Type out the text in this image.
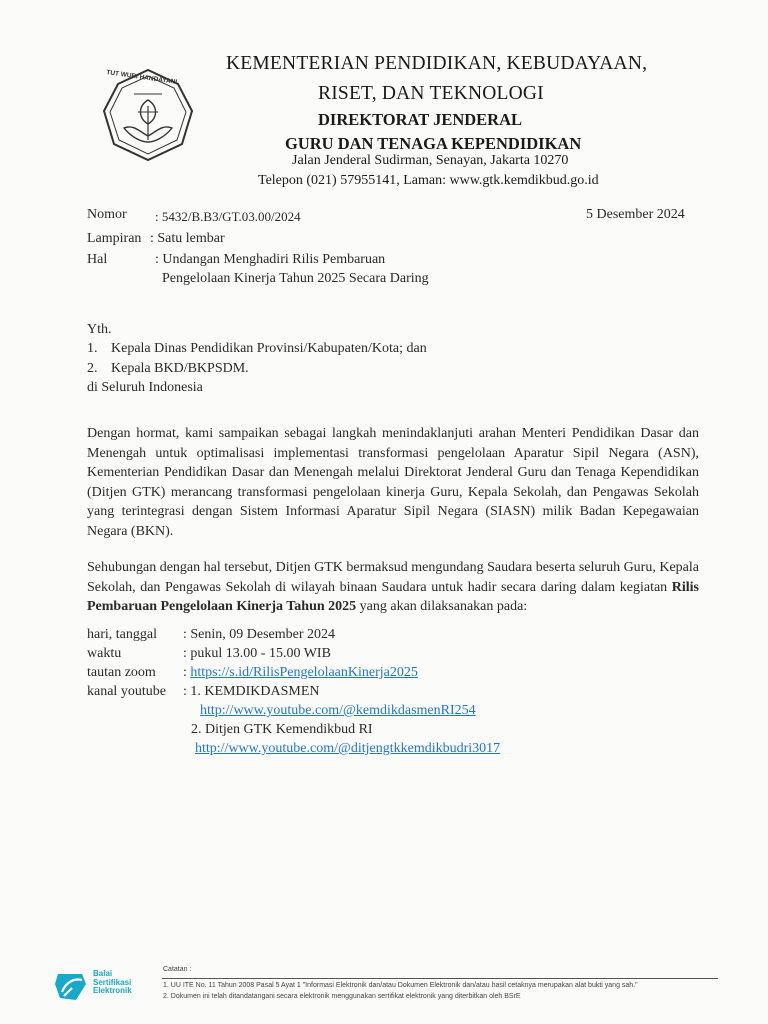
TUT WURI HANDAYANI
KEMENTERIAN PENDIDIKAN, KEBUDAYAAN,
RISET, DAN TEKNOLOGI
DIREKTORAT JENDERAL
GURU DAN TENAGA KEPENDIDIKAN
Jalan Jenderal Sudirman, Senayan, Jakarta 10270
Telepon (021) 57955141, Laman: www.gtk.kemdikbud.go.id
Nomor : 5432/B.B3/GT.03.00/2024	5 Desember 2024
Lampiran : Satu lembar
Hal	: Undangan Menghadiri Rilis Pembaruan
Pengelolaan Kinerja Tahun 2025 Secara Daring
Yth.
1. Kepala Dinas Pendidikan Provinsi/Kabupaten/Kota; dan
2. Kepala BKD/BKPSDM.
di Seluruh Indonesia
Dengan hormat, kami sampaikan sebagai langkah menindaklanjuti arahan Menteri Pendidikan Dasar dan Menengah untuk optimalisasi implementasi transformasi pengelolaan Aparatur Sipil Negara (ASN), Kementerian Pendidikan Dasar dan Menengah melalui Direktorat Jenderal Guru dan Tenaga Kependidikan (Ditjen GTK) merancang transformasi pengelolaan kinerja Guru, Kepala Sekolah, dan Pengawas Sekolah yang terintegrasi dengan Sistem Informasi Aparatur Sipil Negara (SIASN) milik Badan Kepegawaian Negara (BKN).
Sehubungan dengan hal tersebut, Ditjen GTK bermaksud mengundang Saudara beserta seluruh Guru, Kepala Sekolah, dan Pengawas Sekolah di wilayah binaan Saudara untuk hadir secara daring dalam kegiatan Rilis Pembaruan Pengelolaan Kinerja Tahun 2025 yang akan dilaksanakan pada:
hari, tanggal : Senin, 09 Desember 2024
waktu	: pukul 13.00 - 15.00 WIB
tautan zoom : https://s.id/RilisPengelolaanKinerja2025
kanal youtube : 1. KEMDIKDASMEN
http://www.youtube.com/@kemdikdasmenRI254
2. Ditjen GTK Kemendikbud RI
http://www.youtube.com/@ditjengtkkemdikbudri3017
Balai
Sertifikasi
Elektronik
Catatan :
1. UU ITE No. 11 Tahun 2008 Pasal 5 Ayat 1 "Informasi Elektronik dan/atau Dokumen Elektronik dan/atau hasil cetaknya merupakan alat bukti yang sah."
2. Dokumen ini telah ditandatangani secara elektronik menggunakan sertifikat elektronik yang diterbitkan oleh BSrE
